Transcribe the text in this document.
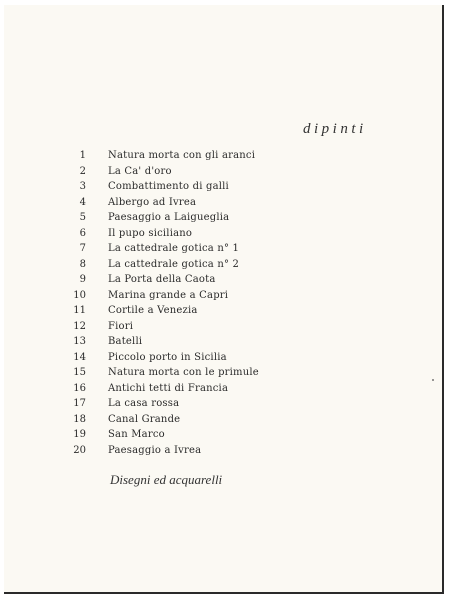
dipinti
1 Natura morta con gli aranci
2 La Ca' d'oro
3 Combattimento di galli
4 Albergo ad Ivrea
5 Paesaggio a Laigueglia
6 Il pupo siciliano
7 La cattedrale gotica n° 1
8 La cattedrale gotica n° 2
9 La Porta della Caota
10 Marina grande a Capri
11 Cortile a Venezia
12 Fiori
13 Batelli
14 Piccolo porto in Sicilia
15 Natura morta con le primule
16 Antichi tetti di Francia
17 La casa rossa
18 Canal Grande
19 San Marco
20 Paesaggio a Ivrea
Disegni ed acquarelli
